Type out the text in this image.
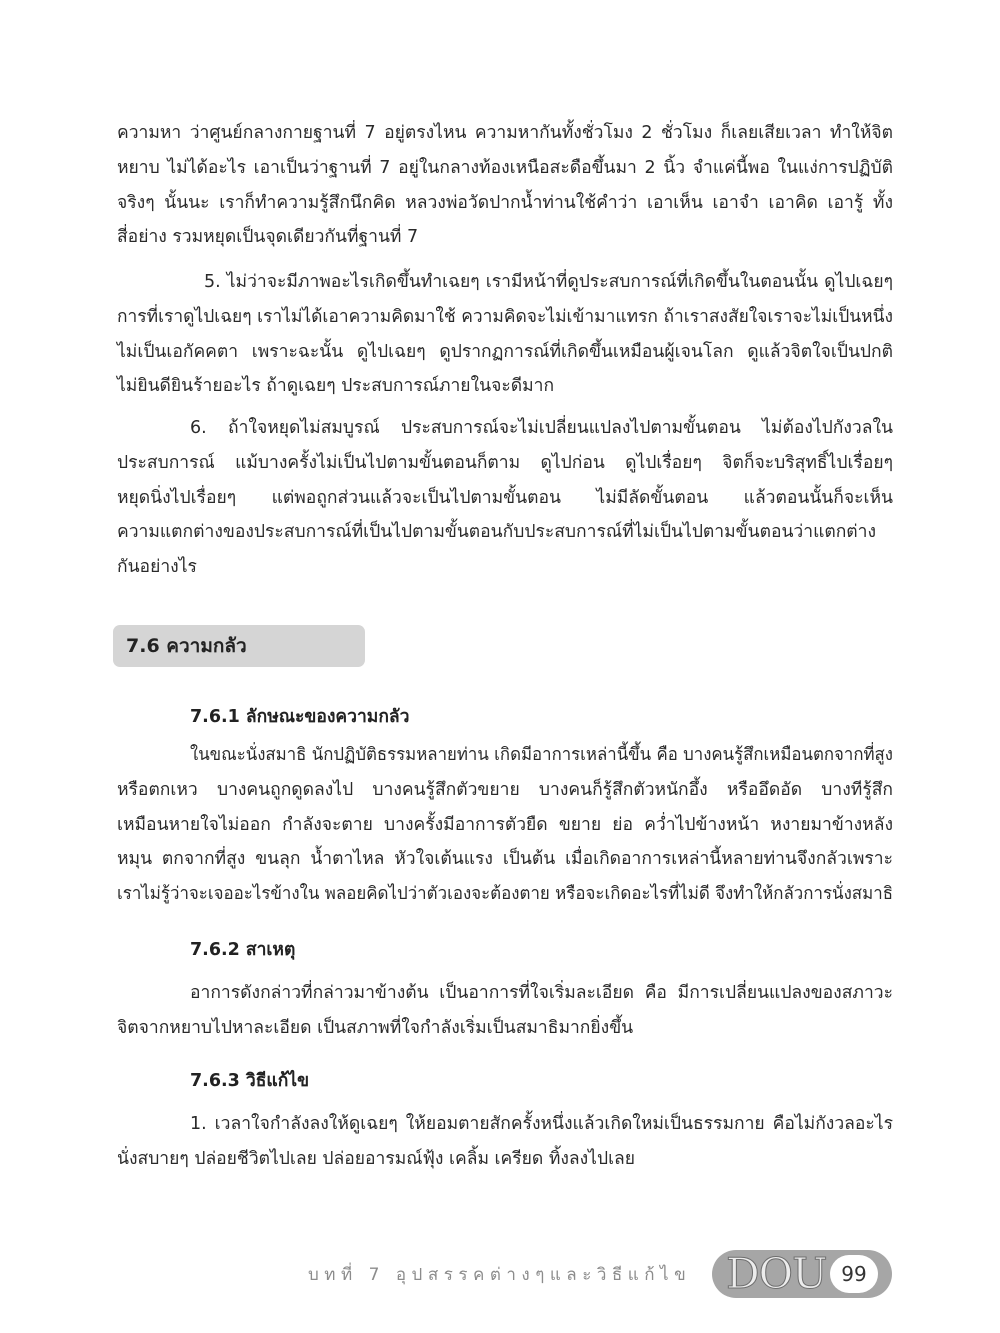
ความหา ว่าศูนย์กลางกายฐานที่ 7 อยู่ตรงไหน ความหากันทั้งชั่วโมง 2 ชั่วโมง ก็เลยเสียเวลา ทำให้จิต
หยาบ ไม่ได้อะไร เอาเป็นว่าฐานที่ 7 อยู่ในกลางท้องเหนือสะดือขึ้นมา 2 นิ้ว จำแค่นี้พอ ในแง่การปฏิบัติ
จริงๆ นั้นนะ เราก็ทำความรู้สึกนึกคิด หลวงพ่อวัดปากน้ำท่านใช้คำว่า เอาเห็น เอาจำ เอาคิด เอารู้ ทั้ง
สี่อย่าง รวมหยุดเป็นจุดเดียวกันที่ฐานที่ 7
5. ไม่ว่าจะมีภาพอะไรเกิดขึ้นทำเฉยๆ เรามีหน้าที่ดูประสบการณ์ที่เกิดขึ้นในตอนนั้น ดูไปเฉยๆ
การที่เราดูไปเฉยๆ เราไม่ได้เอาความคิดมาใช้ ความคิดจะไม่เข้ามาแทรก ถ้าเราสงสัยใจเราจะไม่เป็นหนึ่ง
ไม่เป็นเอกัคคตา เพราะฉะนั้น ดูไปเฉยๆ ดูปรากฏการณ์ที่เกิดขึ้นเหมือนผู้เจนโลก ดูแล้วจิตใจเป็นปกติ
ไม่ยินดียินร้ายอะไร ถ้าดูเฉยๆ ประสบการณ์ภายในจะดีมาก
6. ถ้าใจหยุดไม่สมบูรณ์ ประสบการณ์จะไม่เปลี่ยนแปลงไปตามขั้นตอน ไม่ต้องไปกังวลใน
ประสบการณ์ แม้บางครั้งไม่เป็นไปตามขั้นตอนก็ตาม ดูไปก่อน ดูไปเรื่อยๆ จิตก็จะบริสุทธิ์ไปเรื่อยๆ
หยุดนิ่งไปเรื่อยๆ แต่พอถูกส่วนแล้วจะเป็นไปตามขั้นตอน ไม่มีลัดขั้นตอน แล้วตอนนั้นก็จะเห็น
ความแตกต่างของประสบการณ์ที่เป็นไปตามขั้นตอนกับประสบการณ์ที่ไม่เป็นไปตามขั้นตอนว่าแตกต่าง
กันอย่างไร
7.6 ความกลัว
7.6.1 ลักษณะของความกลัว
ในขณะนั่งสมาธิ นักปฏิบัติธรรมหลายท่าน เกิดมีอาการเหล่านี้ขึ้น คือ บางคนรู้สึกเหมือนตกจากที่สูง
หรือตกเหว บางคนถูกดูดลงไป บางคนรู้สึกตัวขยาย บางคนก็รู้สึกตัวหนักอึ้ง หรืออึดอัด บางทีรู้สึก
เหมือนหายใจไม่ออก กำลังจะตาย บางครั้งมีอาการตัวยืด ขยาย ย่อ คว่ำไปข้างหน้า หงายมาข้างหลัง
หมุน ตกจากที่สูง ขนลุก น้ำตาไหล หัวใจเต้นแรง เป็นต้น เมื่อเกิดอาการเหล่านี้หลายท่านจึงกลัวเพราะ
เราไม่รู้ว่าจะเจออะไรข้างใน พลอยคิดไปว่าตัวเองจะต้องตาย หรือจะเกิดอะไรที่ไม่ดี จึงทำให้กลัวการนั่งสมาธิ
7.6.2 สาเหตุ
อาการดังกล่าวที่กล่าวมาข้างต้น เป็นอาการที่ใจเริ่มละเอียด คือ มีการเปลี่ยนแปลงของสภาวะ
จิตจากหยาบไปหาละเอียด เป็นสภาพที่ใจกำลังเริ่มเป็นสมาธิมากยิ่งขึ้น
7.6.3 วิธีแก้ไข
1. เวลาใจกำลังลงให้ดูเฉยๆ ให้ยอมตายสักครั้งหนึ่งแล้วเกิดใหม่เป็นธรรมกาย คือไม่กังวลอะไร
นั่งสบายๆ ปล่อยชีวิตไปเลย ปล่อยอารมณ์ฟุ้ง เคลิ้ม เครียด ทิ้งลงไปเลย
บทที่ 7 อุปสรรคต่างๆและวิธีแก้ไข DOU 99
